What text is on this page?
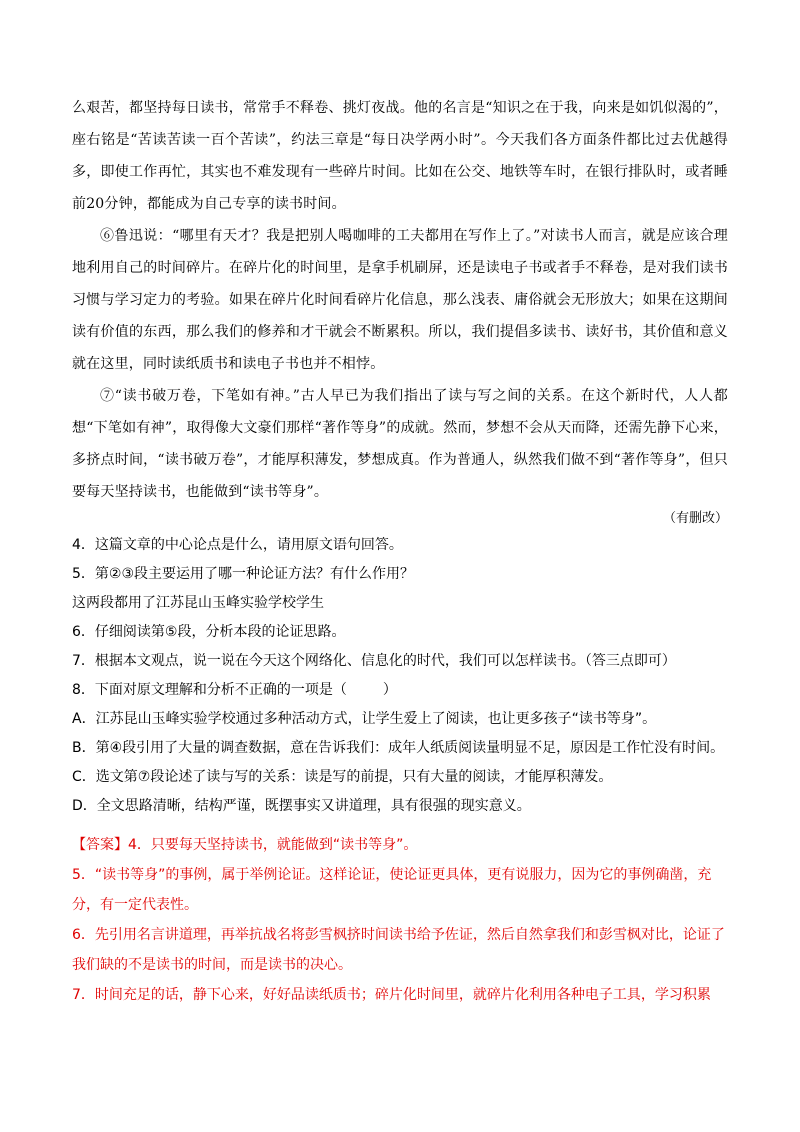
么艰苦，都坚持每日读书，常常手不释卷、挑灯夜战。他的名言是“知识之在于我，向来是如饥似渴的”，座右铭是“苦读苦读一百个苦读”，约法三章是“每日决学两小时”。今天我们各方面条件都比过去优越得多，即使工作再忙，其实也不难发现有一些碎片时间。比如在公交、地铁等车时，在银行排队时，或者睡前20分钟，都能成为自己专享的读书时间。

⑥鲁迅说：“哪里有天才？我是把别人喝咖啡的工夫都用在写作上了。”对读书人而言，就是应该合理地利用自己的时间碎片。在碎片化的时间里，是拿手机刷屏，还是读电子书或者手不释卷，是对我们读书习惯与学习定力的考验。如果在碎片化时间看碎片化信息，那么浅表、庸俗就会无形放大；如果在这期间读有价值的东西，那么我们的修养和才干就会不断累积。所以，我们提倡多读书、读好书，其价值和意义就在这里，同时读纸质书和读电子书也并不相悖。

⑦“读书破万卷，下笔如有神。”古人早已为我们指出了读与写之间的关系。在这个新时代，人人都想“下笔如有神”，取得像大文豪们那样“著作等身”的成就。然而，梦想不会从天而降，还需先静下心来，多挤点时间，“读书破万卷”，才能厚积薄发，梦想成真。作为普通人，纵然我们做不到“著作等身”，但只要每天坚持读书，也能做到“读书等身”。

（有删改）

4．这篇文章的中心论点是什么，请用原文语句回答。

5．第②③段主要运用了哪一种论证方法？有什么作用？

这两段都用了江苏昆山玉峰实验学校学生

6．仔细阅读第⑤段，分析本段的论证思路。

7．根据本文观点，说一说在今天这个网络化、信息化的时代，我们可以怎样读书。（答三点即可）

8．下面对原文理解和分析不正确的一项是（	）

A．江苏昆山玉峰实验学校通过多种活动方式，让学生爱上了阅读，也让更多孩子“读书等身”。

B．第④段引用了大量的调查数据，意在告诉我们：成年人纸质阅读量明显不足，原因是工作忙没有时间。

C．选文第⑦段论述了读与写的关系：读是写的前提，只有大量的阅读，才能厚积薄发。

D．全文思路清晰，结构严谨，既摆事实又讲道理，具有很强的现实意义。

【答案】4．只要每天坚持读书，就能做到“读书等身”。

5．“读书等身”的事例，属于举例论证。这样论证，使论证更具体，更有说服力，因为它的事例确凿，充分，有一定代表性。

6．先引用名言讲道理，再举抗战名将彭雪枫挤时间读书给予佐证，然后自然拿我们和彭雪枫对比，论证了我们缺的不是读书的时间，而是读书的决心。

7．时间充足的话，静下心来，好好品读纸质书；碎片化时间里，就碎片化利用各种电子工具，学习积累
